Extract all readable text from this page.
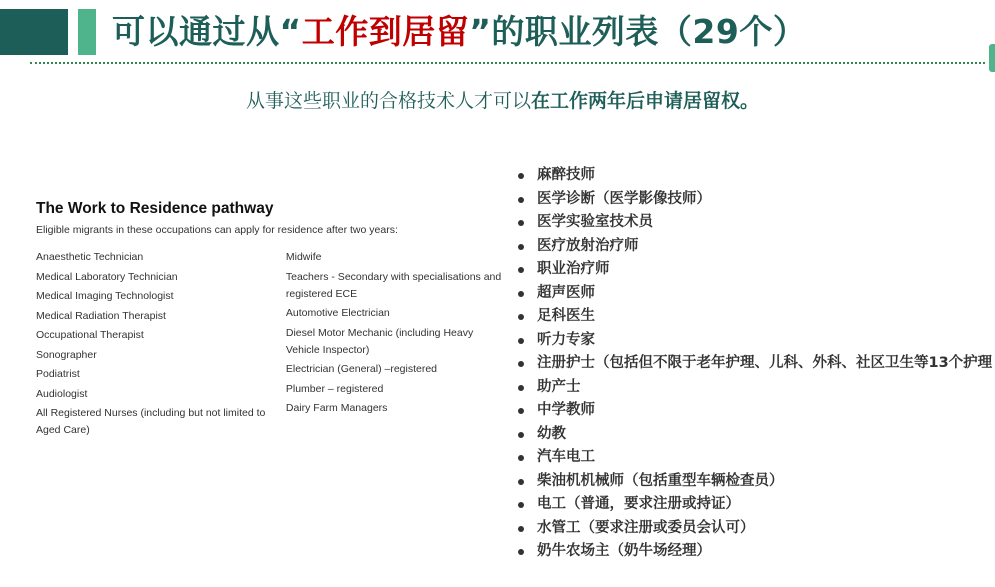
可以通过从“工作到居留”的职业列表（29个）
从事这些职业的合格技术人才可以在工作两年后申请居留权。
The Work to Residence pathway
Eligible migrants in these occupations can apply for residence after two years:
Anaesthetic Technician
Medical Laboratory Technician
Medical Imaging Technologist
Medical Radiation Therapist
Occupational Therapist
Sonographer
Podiatrist
Audiologist
All Registered Nurses (including but not limited to Aged Care)
Midwife
Teachers - Secondary with specialisations and registered ECE
Automotive Electrician
Diesel Motor Mechanic (including Heavy Vehicle Inspector)
Electrician (General) –registered
Plumber – registered
Dairy Farm Managers
麻醉技师
医学诊断（医学影像技师）
医学实验室技术员
医疗放射治疗师
职业治疗师
超声医师
足科医生
听力专家
注册护士（包括但不限于老年护理、儿科、外科、社区卫生等13个护理
助产士
中学教师
幼教
汽车电工
柴油机机械师（包括重型车辆检查员）
电工（普通，要求注册或持证）
水管工（要求注册或委员会认可）
奶牛农场主（奶牛场经理）
